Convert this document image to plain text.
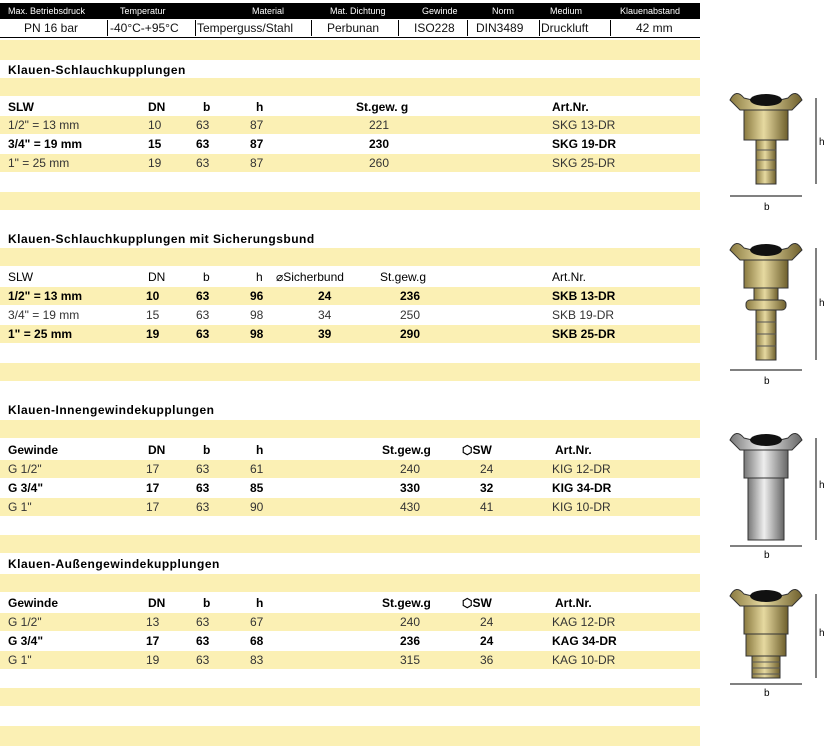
Max. Betriebsdruck	Temperatur	Material	Mat. Dichtung	Gewinde	Norm	Medium	Klauenabstand
PN 16 bar	-40°C-+95°C Temperguss/Stahl	Perbunan	ISO228 DIN3489 Druckluft	42 mm
Klauen-Schlauchkupplungen
SLW	DN	b	h	St.gew. g	Art.Nr.
1/2" = 13 mm	10	63	87	221	SKG 13-DR
3/4" = 19 mm	15	63	87	230	SKG 19-DR
1" = 25 mm	19	63	87	260	SKG 25-DR
Klauen-Schlauchkupplungen mit Sicherungsbund
SLW	DN	b	h ⌀Sicherbund	St.gew.g	Art.Nr.
1/2" = 13 mm	10	63	96	24	236	SKB 13-DR
3/4" = 19 mm	15	63	98	34	250	SKB 19-DR
1" = 25 mm	19	63	98	39	290	SKB 25-DR
Klauen-Innengewindekupplungen
Gewinde	DN	b	h	St.gew.g	⬡SW	Art.Nr.
G 1/2"	17	63	61	240	24	KIG 12-DR
G 3/4"	17	63	85	330	32	KIG 34-DR
G 1"	17	63	90	430	41	KIG 10-DR
Klauen-Außengewindekupplungen
Gewinde	DN	b	h	St.gew.g	⬡SW	Art.Nr.
G 1/2"	13	63	67	240	24	KAG 12-DR
G 3/4"	17	63	68	236	24	KAG 34-DR
G 1"	19	63	83	315	36	KAG 10-DR
h
b
h
b
h
b
h
b
